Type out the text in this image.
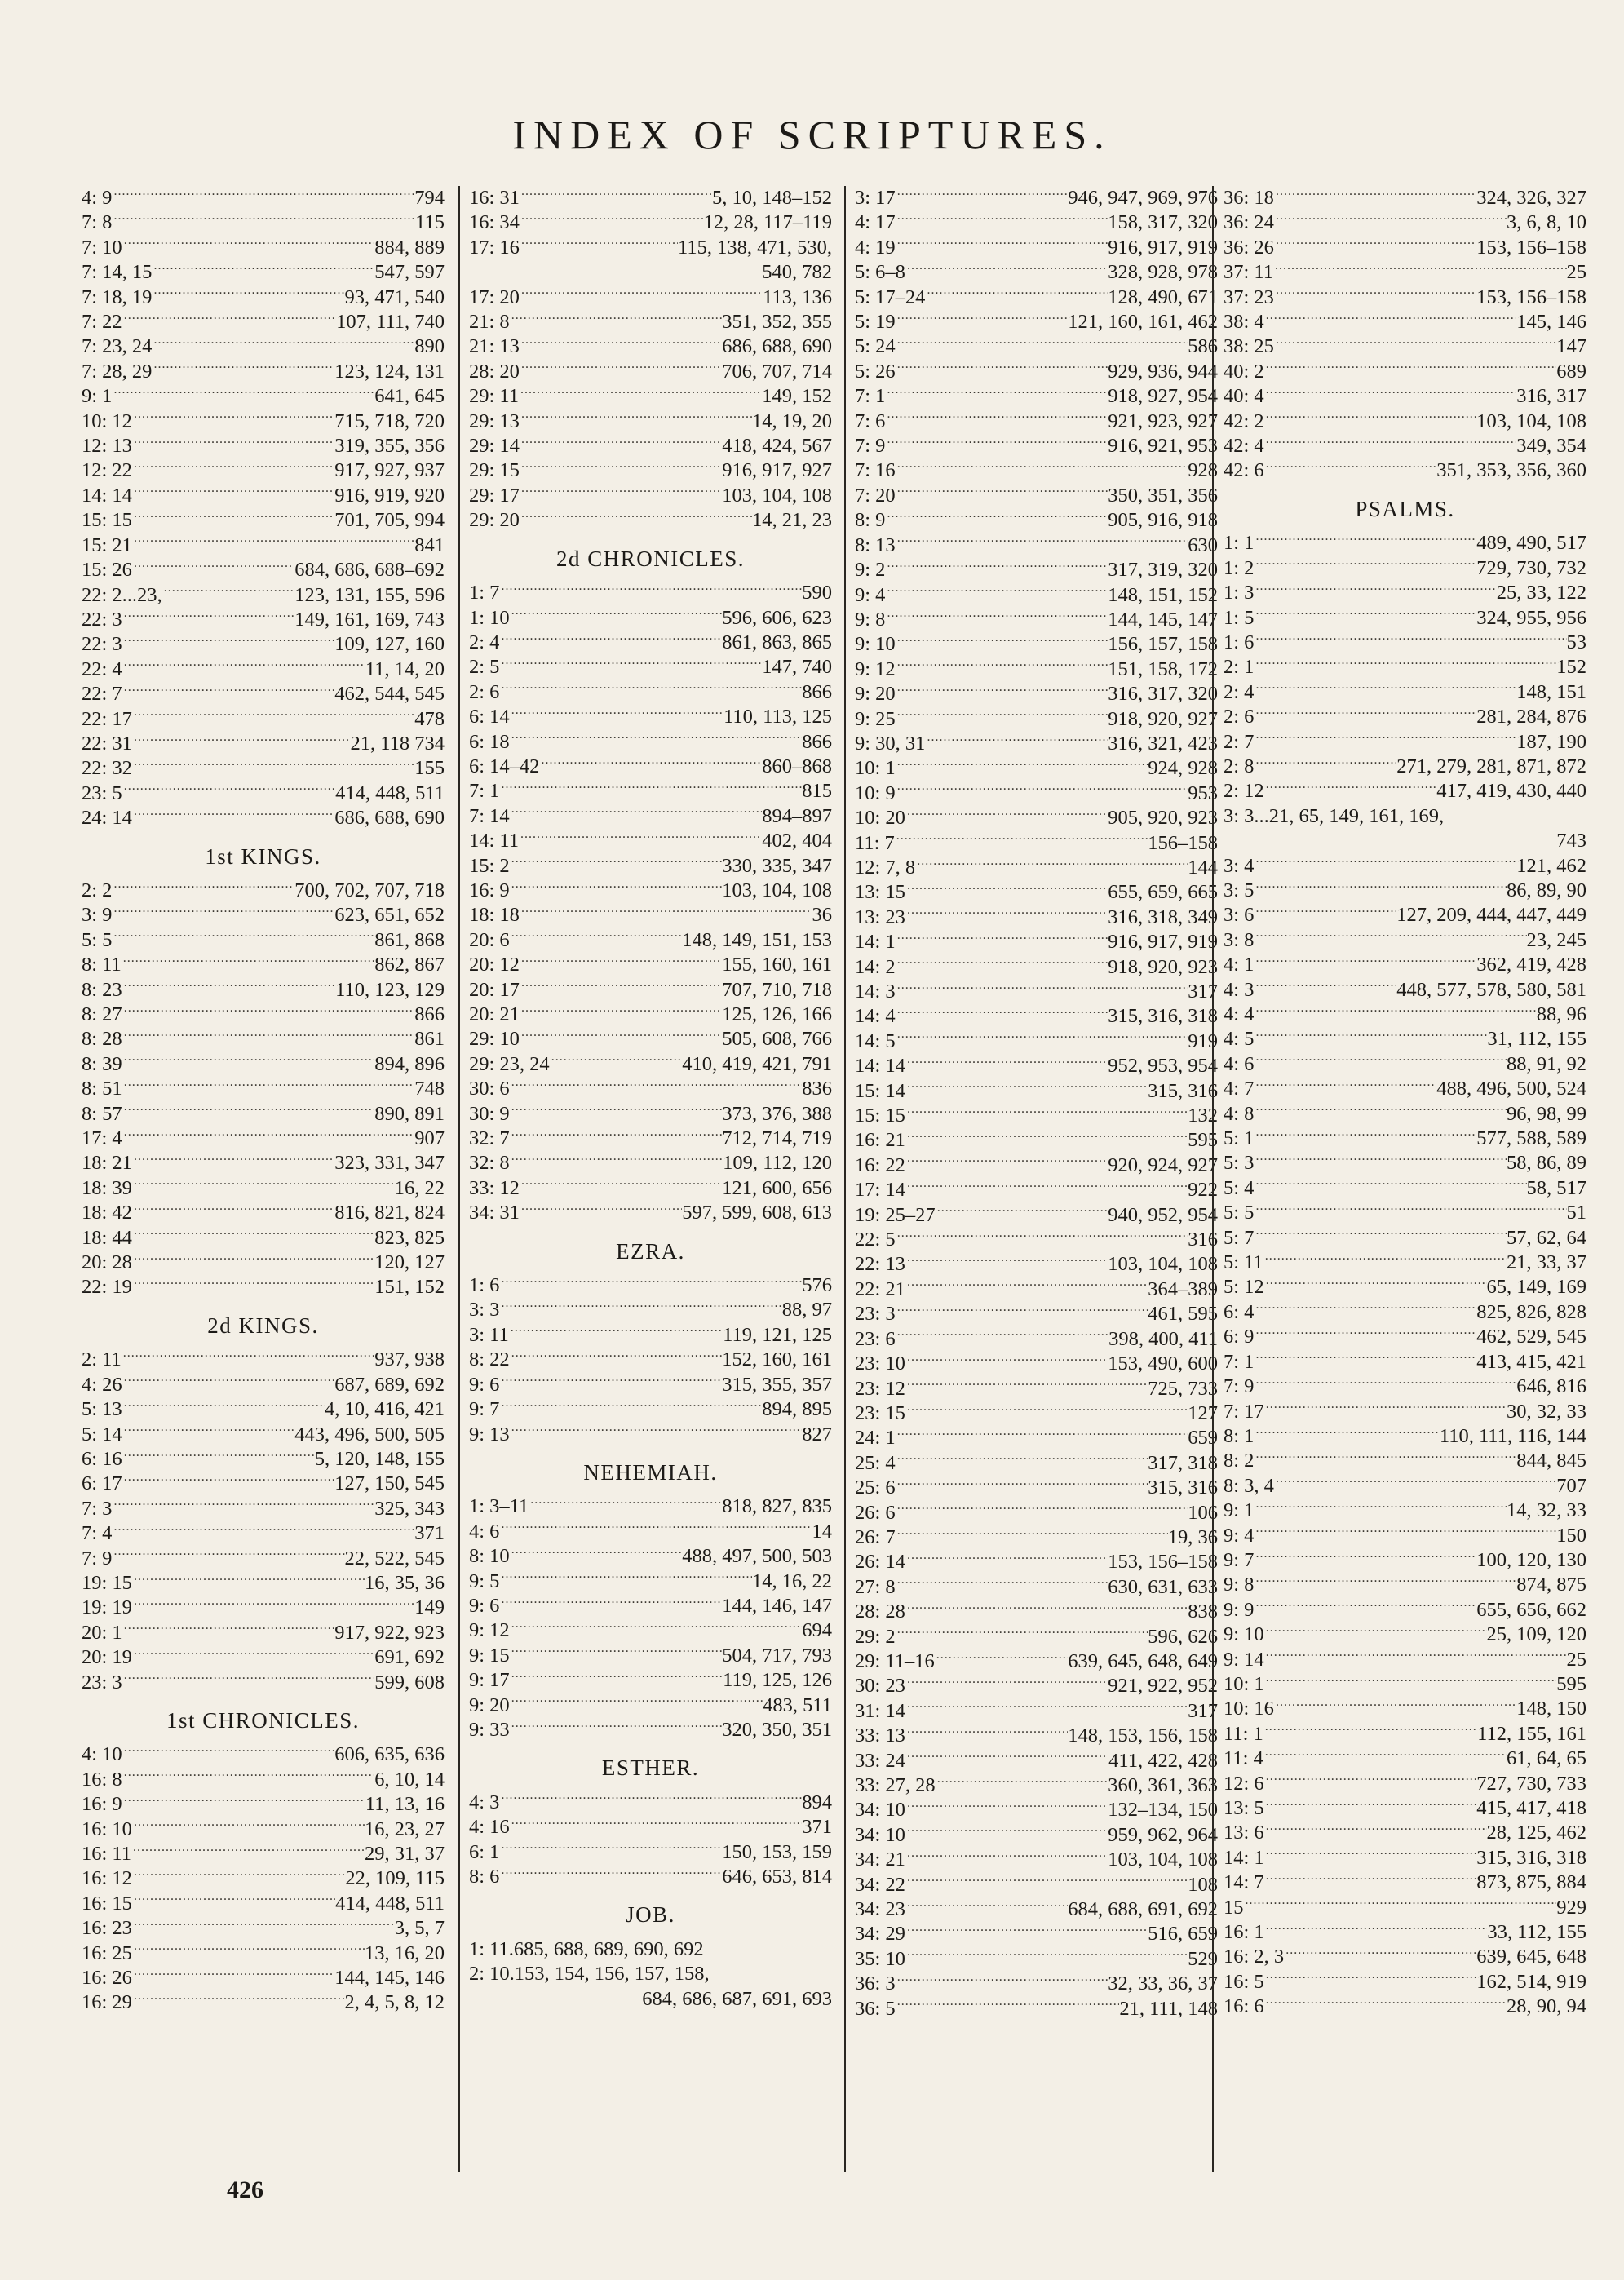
INDEX OF SCRIPTURES.
4: 9 .....	794
7: 8 .....	115
7: 10 .....	884, 889
7: 14, 15 .....	547, 597
7: 18, 19 .....	93, 471, 540
7: 22 .....	107, 111, 740
7: 23, 24 .....	890
7: 28, 29 .....	123, 124, 131
9: 1 .....	641, 645
10: 12 .....	715, 718, 720
12: 13 .....	319, 355, 356
12: 22 .....	917, 927, 937
14: 14 .....	916, 919, 920
15: 15 .....	701, 705, 994
15: 21 .....	841
15: 26 .....	684, 686, 688–692
22: 2...23, .....	123, 131, 155, 596
22: 3 .....	149, 161, 169, 743
22: 3 .....	109, 127, 160
22: 4 .....	11, 14, 20
22: 7 .....	462, 544, 545
22: 17 .....	478
22: 31 .....	21, 118 734
22: 32 .....	155
23: 5 .....	414, 448, 511
24: 14 .....	686, 688, 690
1st KINGS.
2: 2 .....	700, 702, 707, 718
3: 9 .....	623, 651, 652
5: 5 .....	861, 868
8: 11 .....	862, 867
8: 23 .....	110, 123, 129
8: 27 .....	866
8: 28 .....	861
8: 39 .....	894, 896
8: 51 .....	748
8: 57 .....	890, 891
17: 4 .....	907
18: 21 .....	323, 331, 347
18: 39 .....	16, 22
18: 42 .....	816, 821, 824
18: 44 .....	823, 825
20: 28 .....	120, 127
22: 19 .....	151, 152
2d KINGS.
2: 11 .....	937, 938
4: 26 .....	687, 689, 692
5: 13 .....	4, 10, 416, 421
5: 14 .....	443, 496, 500, 505
6: 16 .....	5, 120, 148, 155
6: 17 .....	127, 150, 545
7: 3 .....	325, 343
7: 4 .....	371
7: 9 .....	22, 522, 545
19: 15 .....	16, 35, 36
19: 19 .....	149
20: 1 .....	917, 922, 923
20: 19 .....	691, 692
23: 3 .....	599, 608
1st CHRONICLES.
4: 10 .....	606, 635, 636
16: 8 .....	6, 10, 14
16: 9 .....	11, 13, 16
16: 10 .....	16, 23, 27
16: 11 .....	29, 31, 37
16: 12 .....	22, 109, 115
16: 15 .....	414, 448, 511
16: 23 .....	3, 5, 7
16: 25 .....	13, 16, 20
16: 26 .....	144, 145, 146
16: 29 .....	2, 4, 5, 8, 12
16: 31 .....	5, 10, 148–152
16: 34 .....	12, 28, 117–119
17: 16 .....	115, 138, 471, 530,
540, 782
17: 20 .....	113, 136
21: 8 .....	351, 352, 355
21: 13 .....	686, 688, 690
28: 20 .....	706, 707, 714
29: 11 .....	149, 152
29: 13 .....	14, 19, 20
29: 14 .....	418, 424, 567
29: 15 .....	916, 917, 927
29: 17 .....	103, 104, 108
29: 20 .....	14, 21, 23
2d CHRONICLES.
1: 7 .....	590
1: 10 .....	596, 606, 623
2: 4 .....	861, 863, 865
2: 5 .....	147, 740
2: 6 .....	866
6: 14 .....	110, 113, 125
6: 18 .....	866
6: 14–42 .....	860–868
7: 1 .....	815
7: 14 .....	894–897
14: 11 .....	402, 404
15: 2 .....	330, 335, 347
16: 9 .....	103, 104, 108
18: 18 .....	36
20: 6 .....	148, 149, 151, 153
20: 12 .....	155, 160, 161
20: 17 .....	707, 710, 718
20: 21 .....	125, 126, 166
29: 10 .....	505, 608, 766
29: 23, 24 .....	410, 419, 421, 791
30: 6 .....	836
30: 9 .....	373, 376, 388
32: 7 .....	712, 714, 719
32: 8 .....	109, 112, 120
33: 12 .....	121, 600, 656
34: 31 .....	597, 599, 608, 613
EZRA.
1: 6 .....	576
3: 3 .....	88, 97
3: 11 .....	119, 121, 125
8: 22 .....	152, 160, 161
9: 6 .....	315, 355, 357
9: 7 .....	894, 895
9: 13 .....	827
NEHEMIAH.
1: 3–11 .....	818, 827, 835
4: 6 .....	14
8: 10 .....	488, 497, 500, 503
9: 5 .....	14, 16, 22
9: 6 .....	144, 146, 147
9: 12 .....	694
9: 15 .....	504, 717, 793
9: 17 .....	119, 125, 126
9: 20 .....	483, 511
9: 33 .....	320, 350, 351
ESTHER.
4: 3 .....	894
4: 16 .....	371
6: 1 .....	150, 153, 159
8: 6 .....	646, 653, 814
JOB.
1: 11.685, 688, 689, 690, 692
2: 10.153, 154, 156, 157, 158,
684, 686, 687, 691, 693
3: 17 .....	946, 947, 969, 976
4: 17 .....	158, 317, 320
4: 19 .....	916, 917, 919
5: 6–8 .....	328, 928, 978
5: 17–24 .....	128, 490, 671
5: 19 .....	121, 160, 161, 462
5: 24 .....	586
5: 26 .....	929, 936, 944
7: 1 .....	918, 927, 954
7: 6 .....	921, 923, 927
7: 9 .....	916, 921, 953
7: 16 .....	928
7: 20 .....	350, 351, 356
8: 9 .....	905, 916, 918
8: 13 .....	630
9: 2 .....	317, 319, 320
9: 4 .....	148, 151, 152
9: 8 .....	144, 145, 147
9: 10 .....	156, 157, 158
9: 12 .....	151, 158, 172
9: 20 .....	316, 317, 320
9: 25 .....	918, 920, 927
9: 30, 31 .....	316, 321, 423
10: 1 .....	924, 928
10: 9 .....	953
10: 20 .....	905, 920, 923
11: 7 .....	156–158
12: 7, 8 .....	144
13: 15 .....	655, 659, 665
13: 23 .....	316, 318, 349
14: 1 .....	916, 917, 919
14: 2 .....	918, 920, 923
14: 3 .....	317
14: 4 .....	315, 316, 318
14: 5 .....	919
14: 14 .....	952, 953, 954
15: 14 .....	315, 316
15: 15 .....	132
16: 21 .....	595
16: 22 .....	920, 924, 927
17: 14 .....	922
19: 25–27 .....	940, 952, 954
22: 5 .....	316
22: 13 .....	103, 104, 108
22: 21 .....	364–389
23: 3 .....	461, 595
23: 6 .....	398, 400, 411
23: 10 .....	153, 490, 600
23: 12 .....	725, 733
23: 15 .....	127
24: 1 .....	659
25: 4 .....	317, 318
25: 6 .....	315, 316
26: 6 .....	106
26: 7 .....	19, 36
26: 14 .....	153, 156–158
27: 8 .....	630, 631, 633
28: 28 .....	838
29: 2 .....	596, 626
29: 11–16 .....	639, 645, 648, 649
30: 23 .....	921, 922, 952
31: 14 .....	317
33: 13 .....	148, 153, 156, 158
33: 24 .....	411, 422, 428
33: 27, 28 .....	360, 361, 363
34: 10 .....	132–134, 150
34: 10 .....	959, 962, 964
34: 21 .....	103, 104, 108
34: 22 .....	108
34: 23 .....	684, 688, 691, 692
34: 29 .....	516, 659
35: 10 .....	529
36: 3 .....	32, 33, 36, 37
36: 5 .....	21, 111, 148
36: 18 .....	324, 326, 327
36: 24 .....	3, 6, 8, 10
36: 26 .....	153, 156–158
37: 11 .....	25
37: 23 .....	153, 156–158
38: 4 .....	145, 146
38: 25 .....	147
40: 2 .....	689
40: 4 .....	316, 317
42: 2 .....	103, 104, 108
42: 4 .....	349, 354
42: 6 .....	351, 353, 356, 360
PSALMS.
1: 1 .....	489, 490, 517
1: 2 .....	729, 730, 732
1: 3 .....	25, 33, 122
1: 5 .....	324, 955, 956
1: 6 .....	53
2: 1 .....	152
2: 4 .....	148, 151
2: 6 .....	281, 284, 876
2: 7 .....	187, 190
2: 8 .....	271, 279, 281, 871, 872
2: 12 .....	417, 419, 430, 440
3: 3...21, 65, 149, 161, 169,
743
3: 4 .....	121, 462
3: 5 .....	86, 89, 90
3: 6 .....	127, 209, 444, 447, 449
3: 8 .....	23, 245
4: 1 .....	362, 419, 428
4: 3 .....	448, 577, 578, 580, 581
4: 4 .....	88, 96
4: 5 .....	31, 112, 155
4: 6 .....	88, 91, 92
4: 7 .....	488, 496, 500, 524
4: 8 .....	96, 98, 99
5: 1 .....	577, 588, 589
5: 3 .....	58, 86, 89
5: 4 .....	58, 517
5: 5 .....	51
5: 7 .....	57, 62, 64
5: 11 .....	21, 33, 37
5: 12 .....	65, 149, 169
6: 4 .....	825, 826, 828
6: 9 .....	462, 529, 545
7: 1 .....	413, 415, 421
7: 9 .....	646, 816
7: 17 .....	30, 32, 33
8: 1 .....	110, 111, 116, 144
8: 2 .....	844, 845
8: 3, 4 .....	707
9: 1 .....	14, 32, 33
9: 4 .....	150
9: 7 .....	100, 120, 130
9: 8 .....	874, 875
9: 9 .....	655, 656, 662
9: 10 .....	25, 109, 120
9: 14 .....	25
10: 1 .....	595
10: 16 .....	148, 150
11: 1 .....	112, 155, 161
11: 4 .....	61, 64, 65
12: 6 .....	727, 730, 733
13: 5 .....	415, 417, 418
13: 6 .....	28, 125, 462
14: 1 .....	315, 316, 318
14: 7 .....	873, 875, 884
15 .....	929
16: 1 .....	33, 112, 155
16: 2, 3 .....	639, 645, 648
16: 5 .....	162, 514, 919
16: 6 .....	28, 90, 94
426
